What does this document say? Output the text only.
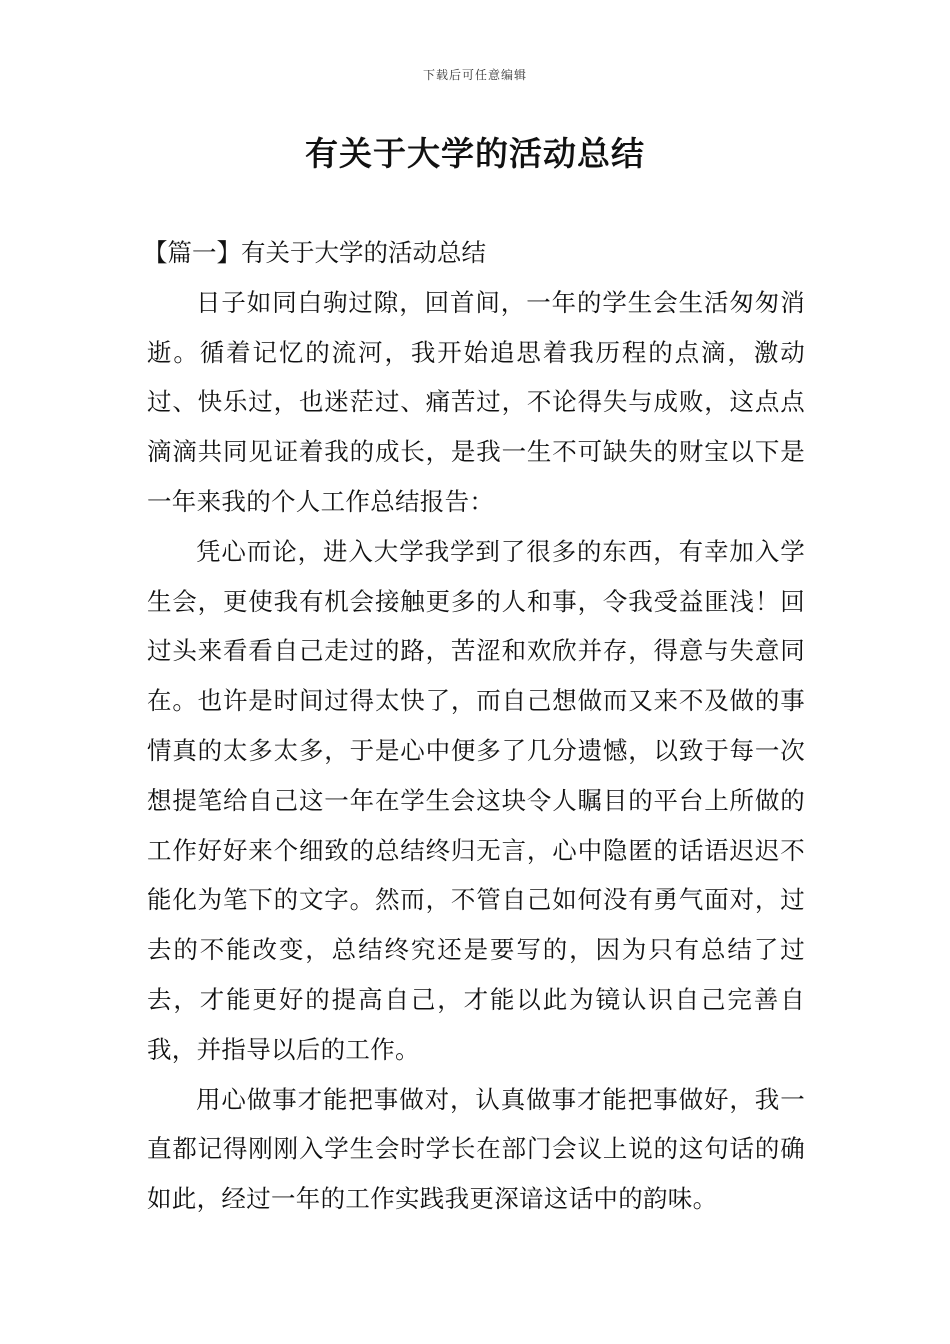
下载后可任意编辑
有关于大学的活动总结

【篇一】有关于大学的活动总结

日子如同白驹过隙，回首间，一年的学生会生活匆匆消逝。循着记忆的流河，我开始追思着我历程的点滴，激动过、快乐过，也迷茫过、痛苦过，不论得失与成败，这点点滴滴共同见证着我的成长，是我一生不可缺失的财宝以下是一年来我的个人工作总结报告：

凭心而论，进入大学我学到了很多的东西，有幸加入学生会，更使我有机会接触更多的人和事，令我受益匪浅！回过头来看看自己走过的路，苦涩和欢欣并存，得意与失意同在。也许是时间过得太快了，而自己想做而又来不及做的事情真的太多太多，于是心中便多了几分遗憾，以致于每一次想提笔给自己这一年在学生会这块令人瞩目的平台上所做的工作好好来个细致的总结终归无言，心中隐匿的话语迟迟不能化为笔下的文字。然而，不管自己如何没有勇气面对，过去的不能改变，总结终究还是要写的，因为只有总结了过去，才能更好的提高自己，才能以此为镜认识自己完善自我，并指导以后的工作。

用心做事才能把事做对，认真做事才能把事做好，我一直都记得刚刚入学生会时学长在部门会议上说的这句话的确如此，经过一年的工作实践我更深谙这话中的韵味。
